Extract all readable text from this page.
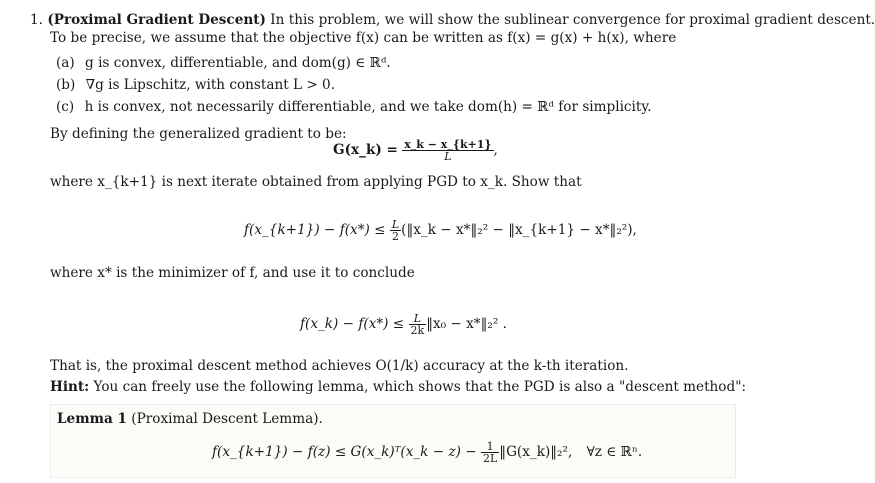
1. (Proximal Gradient Descent) In this problem, we will show the sublinear convergence for proximal gradient descent.
To be precise, we assume that the objective f(x) can be written as f(x) = g(x) + h(x), where
(a) g is convex, differentiable, and dom(g) ∈ ℝᵈ.
(b) ∇g is Lipschitz, with constant L > 0.
(c) h is convex, not necessarily differentiable, and we take dom(h) = ℝᵈ for simplicity.
By defining the generalized gradient to be:
G(x_k) = $\frac{x\_k - x\_\{k+1\}}{L}$ ,
where x_{k+1} is next iterate obtained from applying PGD to x_k. Show that
f(x_{k+1}) − $f(x*) \le \frac{L}{2}$ (‖x_k − x*‖₂² − ‖x_{k+1} − x*‖₂²),
where x* is the minimizer of f, and use it to conclude
f(x_k) − $f(x*) \le \frac{L}{2k}$ ‖x₀ − x*‖₂² .
That is, the proximal descent method achieves O(1/k) accuracy at the k-th iteration.
Hint: You can freely use the following lemma, which shows that the PGD is also a "descent method":
Lemma 1 (Proximal Descent Lemma).
f(x_{k+1}) − f(z) ≤ G(x_k)ᵀ(x_k − $z) - \frac{1}{2L}$ ‖G(x_k)‖₂², ∀z ∈ ℝⁿ.
